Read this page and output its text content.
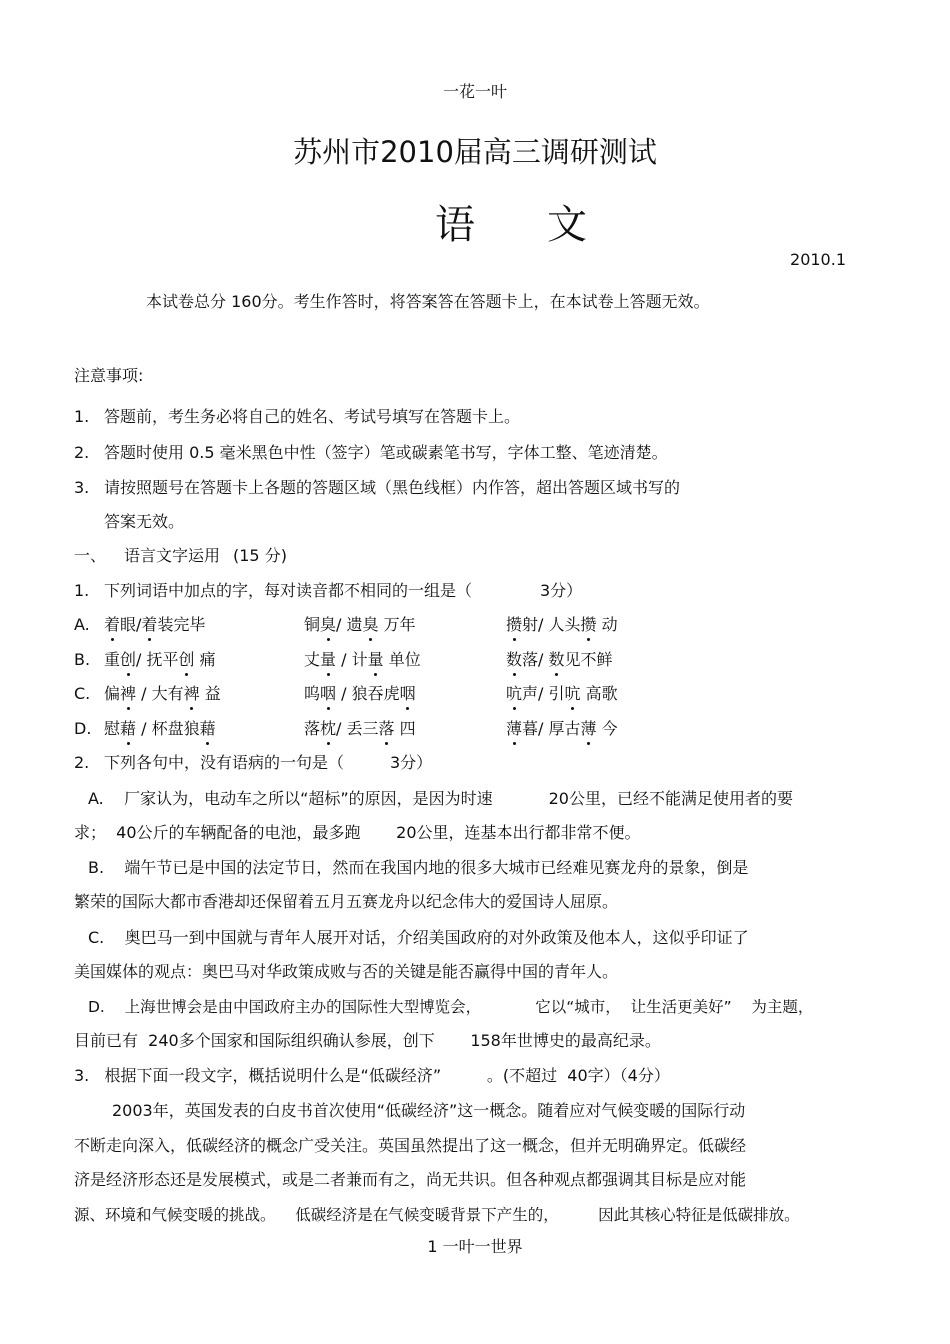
一花一叶
苏州市2010届高三调研测试
语文
2010.1
本试卷总分 160分。考生作答时，将答案答在答题卡上，在本试卷上答题无效。
注意事项:
1. 答题前，考生务必将自己的姓名、考试号填写在答题卡上。
2. 答题时使用 0.5 毫米黑色中性（签字）笔或碳素笔书写，字体工整、笔迹清楚。
3. 请按照题号在答题卡上各题的答题区域（黑色线框）内作答，超出答题区域书写的
答案无效。
一、 语言文字运用 (15 分)
1. 下列词语中加点的字，每对读音都不相同的一组是（	3分）
A. 着眼/着装完毕	铜臭/ 遗臭 万年	攒射/ 人头攒 动
B. 重创/ 抚平创 痛	丈量 / 计量 单位	数落/ 数见不鲜
C. 偏裨 / 大有裨 益	呜咽 / 狼吞虎咽	吭声/ 引吭 高歌
D. 慰藉 / 杯盘狼藉	落枕/ 丢三落 四	薄暮/ 厚古薄 今
2. 下列各句中，没有语病的一句是（	3分）
A.    厂家认为，电动车之所以“超标”的原因，是因为时速           20公里，已经不能满足使用者的要
求；  40公斤的车辆配备的电池，最多跑       20公里，连基本出行都非常不便。
B.    端午节已是中国的法定节日，然而在我国内地的很多大城市已经难见赛龙舟的景象，倒是
繁荣的国际大都市香港却还保留着五月五赛龙舟以纪念伟大的爱国诗人屈原。
C.    奥巴马一到中国就与青年人展开对话，介绍美国政府的对外政策及他本人，这似乎印证了
美国媒体的观点：奥巴马对华政策成败与否的关键是能否赢得中国的青年人。
D.    上海世博会是由中国政府主办的国际性大型博览会，           它以“城市，  让生活更美好”    为主题，
目前已有  240多个国家和国际组织确认参展，创下       158年世博史的最高纪录。
3.   根据下面一段文字，概括说明什么是“低碳经济”         。(不超过  40字）（4分）
2003年，英国发表的白皮书首次使用“低碳经济”这一概念。随着应对气候变暖的国际行动
不断走向深入，低碳经济的概念广受关注。英国虽然提出了这一概念，但并无明确界定。低碳经
济是经济形态还是发展模式，或是二者兼而有之，尚无共识。但各种观点都强调其目标是应对能
源、环境和气候变暖的挑战。    低碳经济是在气候变暖背景下产生的，        因此其核心特征是低碳排放。
1 一叶一世界
